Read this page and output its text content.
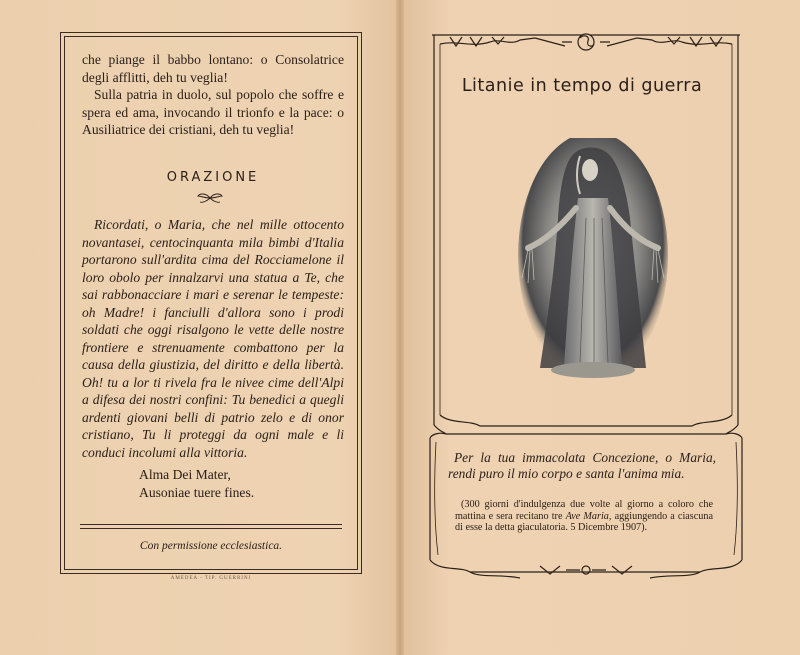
che piange il babbo lontano: o Consolatrice degli afflitti, deh tu veglia!
Sulla patria in duolo, sul popolo che soffre e spera ed ama, invocando il trionfo e la pace: o Ausiliatrice dei cristiani, deh tu veglia!
ORAZIONE
Ricordati, o Maria, che nel mille ottocento novantasei, centocinquanta mila bimbi d'Italia portarono sull'ardita cima del Rocciamelone il loro obolo per innalzarvi una statua a Te, che sai rabbonacciare i mari e serenar le tempeste: oh Madre! i fanciulli d'allora sono i prodi soldati che oggi risalgono le vette delle nostre frontiere e strenuamente combattono per la causa della giustizia, del diritto e della libertà. Oh! tu a lor ti rivela fra le nivee cime dell'Alpi a difesa dei nostri confini: Tu benedici a quegli ardenti giovani belli di patrio zelo e di onor cristiano, Tu li proteggi da ogni male e li conduci incolumi alla vittoria.
Alma Dei Mater,
Ausoniae tuere fines.
Con permissione ecclesiastica.
AMEDEA - TIP. GUERRINI
Litanie in tempo di guerra
Per la tua immacolata Concezione, o Maria, rendi puro il mio corpo e santa l'anima mia.
(300 giorni d'indulgenza due volte al giorno a coloro che mattina e sera recitano tre Ave Maria, aggiungendo a ciascuna di esse la detta giaculatoria. 5 Dicembre 1907).
